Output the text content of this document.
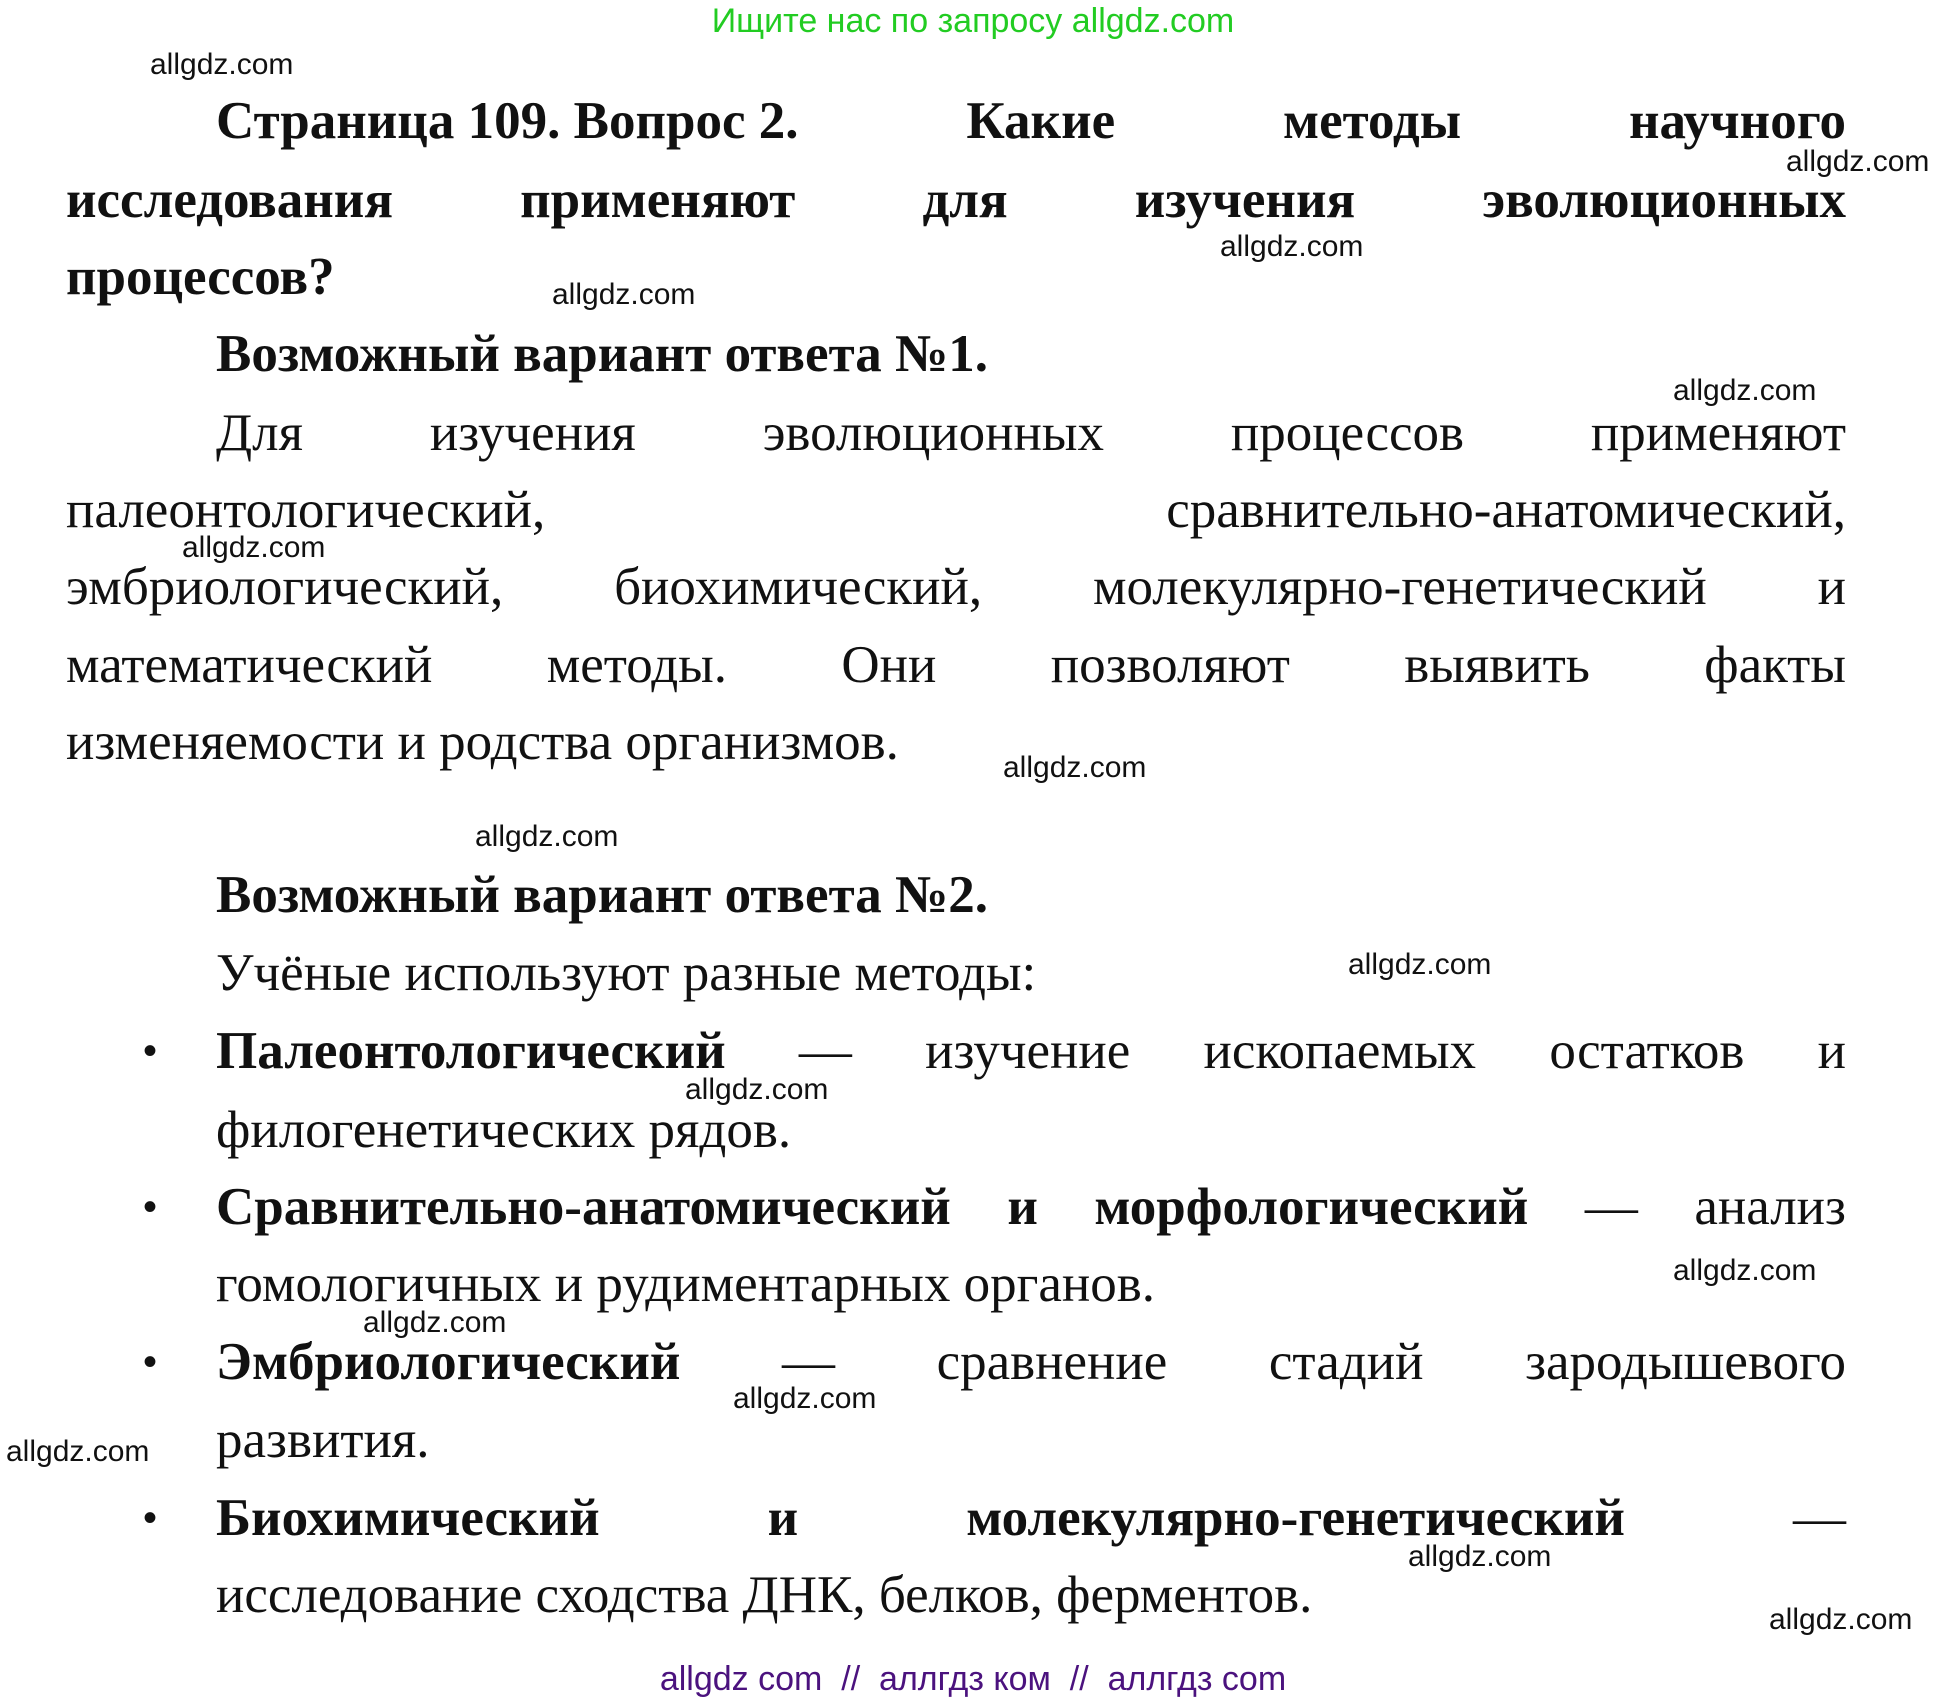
Ищите нас по запросу allgdz.com
Страница 109. Вопрос 2.	Какие	методы	научного
исследования применяют для изучения эволюционных
процессов?
Возможный вариант ответа №1.
Для изучения эволюционных процессов применяют
палеонтологический,	сравнительно-анатомический,
эмбриологический, биохимический, молекулярно-генетический и
математический методы. Они позволяют выявить факты
изменяемости и родства организмов.
Возможный вариант ответа №2.
Учёные используют разные методы:
Палеонтологический — изучение ископаемых остатков и
•
филогенетических рядов.
Сравнительно-анатомический и морфологический — анализ
•
гомологичных и рудиментарных органов.
Эмбриологический — сравнение стадий зародышевого
•
развития.
Биохимический	и	молекулярно-генетический	—
•
исследование сходства ДНК, белков, ферментов.
allgdz.com
allgdz.com
allgdz.com
allgdz.com
allgdz.com
allgdz.com
allgdz.com
allgdz.com
allgdz.com
allgdz.com
allgdz.com
allgdz.com
allgdz.com
allgdz.com
allgdz.com
allgdz.com
allgdz com  //  аллгдз ком  //  аллгдз com
